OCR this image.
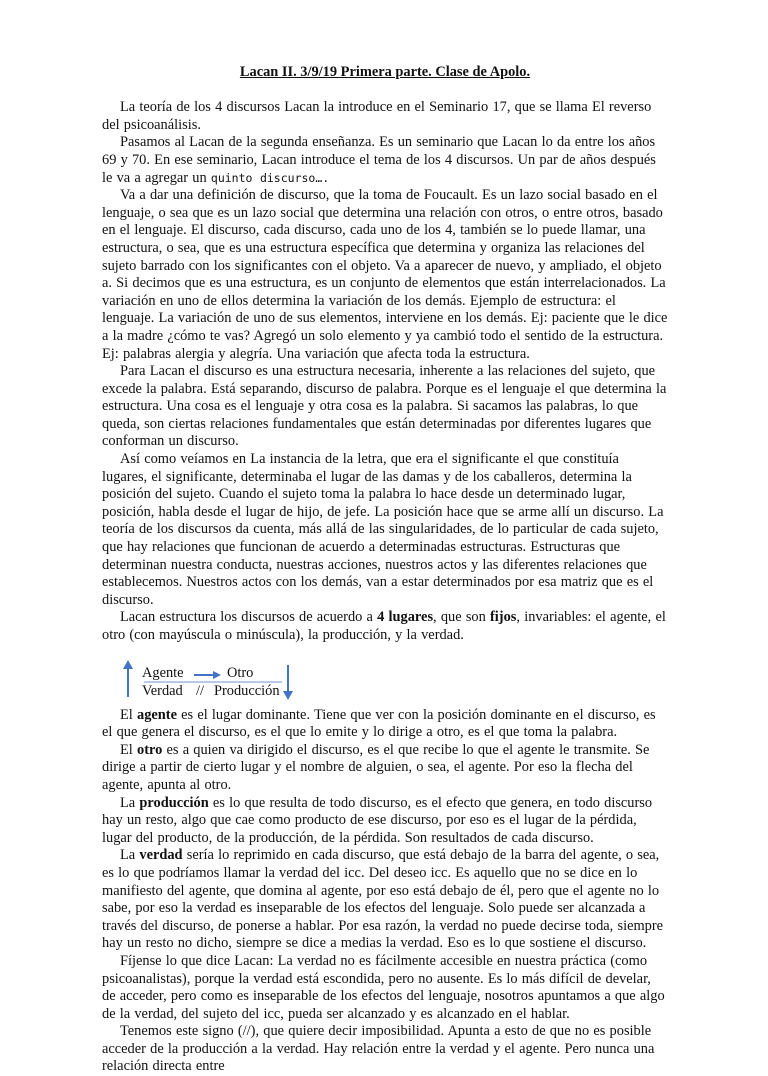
Lacan II. 3/9/19 Primera parte. Clase de Apolo.

La teoría de los 4 discursos Lacan la introduce en el Seminario 17, que se llama El reverso del psicoanálisis.

Pasamos al Lacan de la segunda enseñanza. Es un seminario que Lacan lo da entre los años 69 y 70. En ese seminario, Lacan introduce el tema de los 4 discursos. Un par de años después le va a agregar un quinto discurso….

Va a dar una definición de discurso, que la toma de Foucault. Es un lazo social basado en el lenguaje, o sea que es un lazo social que determina una relación con otros, o entre otros, basado en el lenguaje. El discurso, cada discurso, cada uno de los 4, también se lo puede llamar, una estructura, o sea, que es una estructura específica que determina y organiza las relaciones del sujeto barrado con los significantes con el objeto. Va a aparecer de nuevo, y ampliado, el objeto a. Si decimos que es una estructura, es un conjunto de elementos que están interrelacionados. La variación en uno de ellos determina la variación de los demás. Ejemplo de estructura: el lenguaje. La variación de uno de sus elementos, interviene en los demás. Ej: paciente que le dice a la madre ¿cómo te vas? Agregó un solo elemento y ya cambió todo el sentido de la estructura. Ej: palabras alergia y alegría. Una variación que afecta toda la estructura.

Para Lacan el discurso es una estructura necesaria, inherente a las relaciones del sujeto, que excede la palabra. Está separando, discurso de palabra. Porque es el lenguaje el que determina la estructura. Una cosa es el lenguaje y otra cosa es la palabra. Si sacamos las palabras, lo que queda, son ciertas relaciones fundamentales que están determinadas por diferentes lugares que conforman un discurso.

Así como veíamos en La instancia de la letra, que era el significante el que constituía lugares, el significante, determinaba el lugar de las damas y de los caballeros, determina la posición del sujeto. Cuando el sujeto toma la palabra lo hace desde un determinado lugar, posición, habla desde el lugar de hijo, de jefe. La posición hace que se arme allí un discurso. La teoría de los discursos da cuenta, más allá de las singularidades, de lo particular de cada sujeto, que hay relaciones que funcionan de acuerdo a determinadas estructuras. Estructuras que determinan nuestra conducta, nuestras acciones, nuestros actos y las diferentes relaciones que establecemos. Nuestros actos con los demás, van a estar determinados por esa matriz que es el discurso.

Lacan estructura los discursos de acuerdo a 4 lugares, que son fijos, invariables: el agente, el otro (con mayúscula o minúscula), la producción, y la verdad.

Agente	Otro
Verdad // Producción

El agente es el lugar dominante. Tiene que ver con la posición dominante en el discurso, es el que genera el discurso, es el que lo emite y lo dirige a otro, es el que toma la palabra.

El otro es a quien va dirigido el discurso, es el que recibe lo que el agente le transmite. Se dirige a partir de cierto lugar y el nombre de alguien, o sea, el agente. Por eso la flecha del agente, apunta al otro.

La producción es lo que resulta de todo discurso, es el efecto que genera, en todo discurso hay un resto, algo que cae como producto de ese discurso, por eso es el lugar de la pérdida, lugar del producto, de la producción, de la pérdida. Son resultados de cada discurso.

La verdad sería lo reprimido en cada discurso, que está debajo de la barra del agente, o sea, es lo que podríamos llamar la verdad del icc. Del deseo icc. Es aquello que no se dice en lo manifiesto del agente, que domina al agente, por eso está debajo de él, pero que el agente no lo sabe, por eso la verdad es inseparable de los efectos del lenguaje. Solo puede ser alcanzada a través del discurso, de ponerse a hablar. Por esa razón, la verdad no puede decirse toda, siempre hay un resto no dicho, siempre se dice a medias la verdad. Eso es lo que sostiene el discurso.

Fíjense lo que dice Lacan: La verdad no es fácilmente accesible en nuestra práctica (como psicoanalistas), porque la verdad está escondida, pero no ausente. Es lo más difícil de develar, de acceder, pero como es inseparable de los efectos del lenguaje, nosotros apuntamos a que algo de la verdad, del sujeto del icc, pueda ser alcanzado y es alcanzado en el hablar.

Tenemos este signo (//), que quiere decir imposibilidad. Apunta a esto de que no es posible acceder de la producción a la verdad. Hay relación entre la verdad y el agente. Pero nunca una relación directa entre
